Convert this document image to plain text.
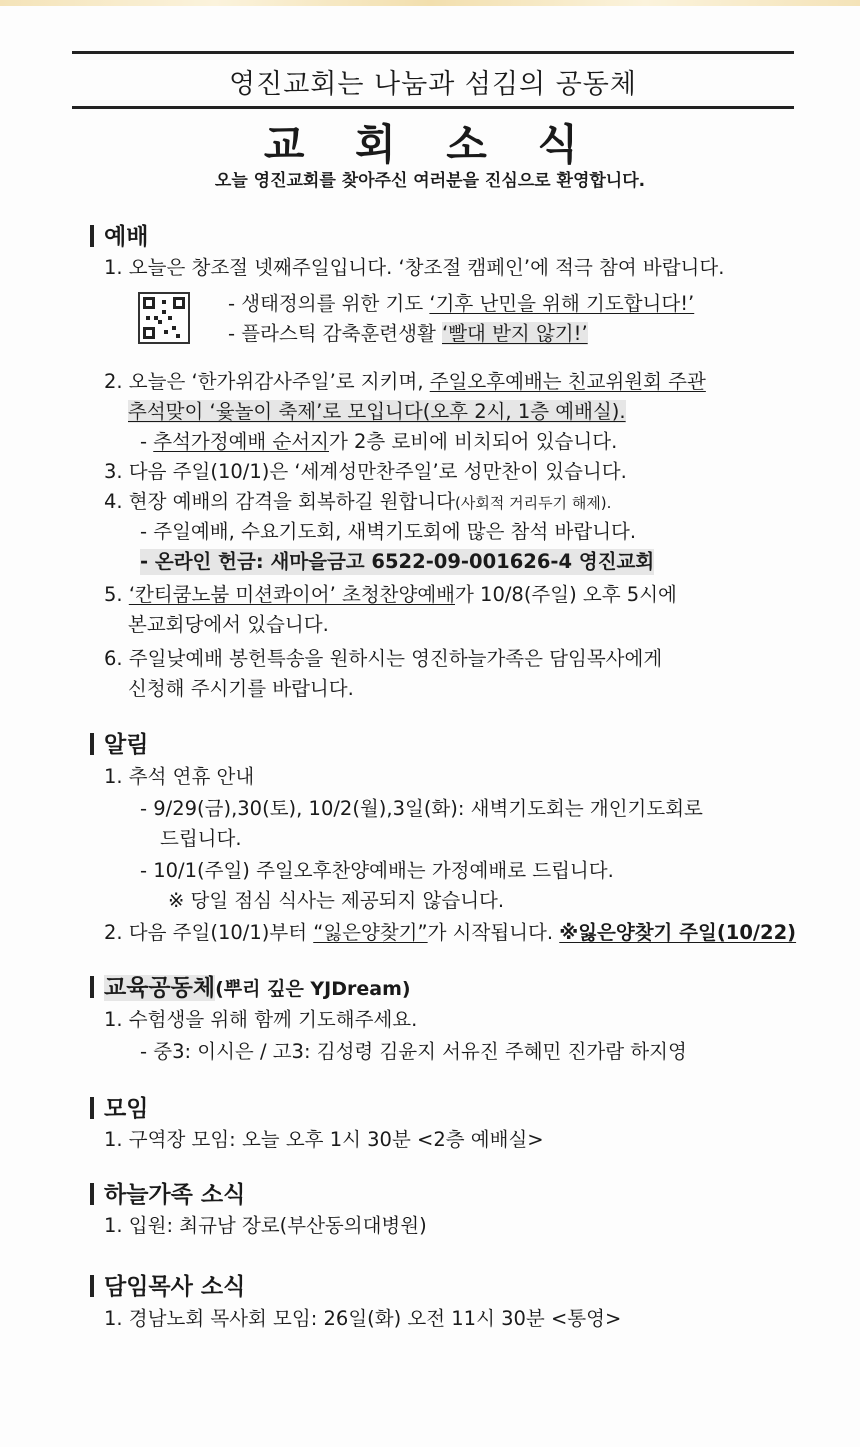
영진교회는 나눔과 섬김의 공동체
교 회 소 식
오늘 영진교회를 찾아주신 여러분을 진심으로 환영합니다.
예배
1. 오늘은 창조절 넷째주일입니다. ‘창조절 캠페인’에 적극 참여 바랍니다.
- 생태정의를 위한 기도 ‘기후 난민을 위해 기도합니다!’
- 플라스틱 감축훈련생활 ‘빨대 받지 않기!’
2. 오늘은 ‘한가위감사주일’로 지키며, 주일오후예배는 친교위원회 주관
추석맞이 ‘윷놀이 축제’로 모입니다(오후 2시, 1층 예배실).
- 추석가정예배 순서지가 2층 로비에 비치되어 있습니다.
3. 다음 주일(10/1)은 ‘세계성만찬주일’로 성만찬이 있습니다.
4. 현장 예배의 감격을 회복하길 원합니다(사회적 거리두기 해제).
- 주일예배, 수요기도회, 새벽기도회에 많은 참석 바랍니다.
- 온라인 헌금: 새마을금고 6522-09-001626-4 영진교회
5. ‘칸티쿰노붐 미션콰이어’ 초청찬양예배가 10/8(주일) 오후 5시에
본교회당에서 있습니다.
6. 주일낮예배 봉헌특송을 원하시는 영진하늘가족은 담임목사에게
신청해 주시기를 바랍니다.
알림
1. 추석 연휴 안내
- 9/29(금),30(토), 10/2(월),3일(화): 새벽기도회는 개인기도회로
드립니다.
- 10/1(주일) 주일오후찬양예배는 가정예배로 드립니다.
※ 당일 점심 식사는 제공되지 않습니다.
2. 다음 주일(10/1)부터 “잃은양찾기”가 시작됩니다. ※잃은양찾기 주일(10/22)
교육공동체(뿌리 깊은 YJDream)
1. 수험생을 위해 함께 기도해주세요.
- 중3: 이시은 / 고3: 김성령 김윤지 서유진 주혜민 진가람 하지영
모임
1. 구역장 모임: 오늘 오후 1시 30분 <2층 예배실>
하늘가족 소식
1. 입원: 최규남 장로(부산동의대병원)
담임목사 소식
1. 경남노회 목사회 모임: 26일(화) 오전 11시 30분 <통영>
